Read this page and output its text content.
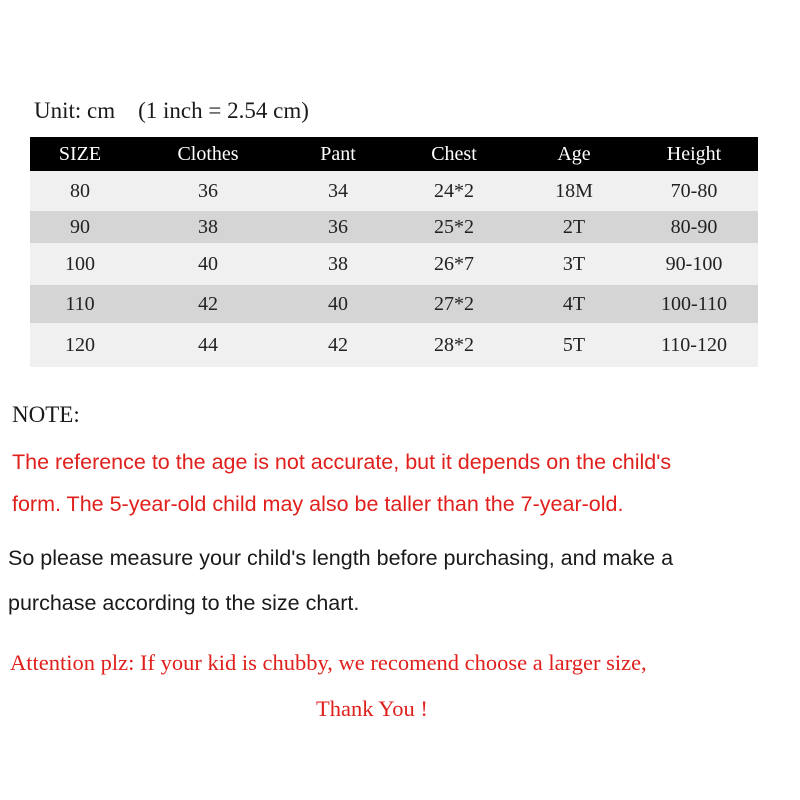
Unit: cm    (1 inch = 2.54 cm)
SIZE	Clothes	Pant	Chest	Age	Height
80	36	34	24*2	18M	70-80
90	38	36	25*2	2T	80-90
100	40	38	26*7	3T	90-100
110	42	40	27*2	4T	100-110
120	44	42	28*2	5T	110-120
NOTE:
The reference to the age is not accurate, but it depends on the child's
form. The 5-year-old child may also be taller than the 7-year-old.
So please measure your child's length before purchasing, and make a
purchase according to the size chart.
Attention plz: If your kid is chubby, we recomend choose a larger size,
Thank You !
